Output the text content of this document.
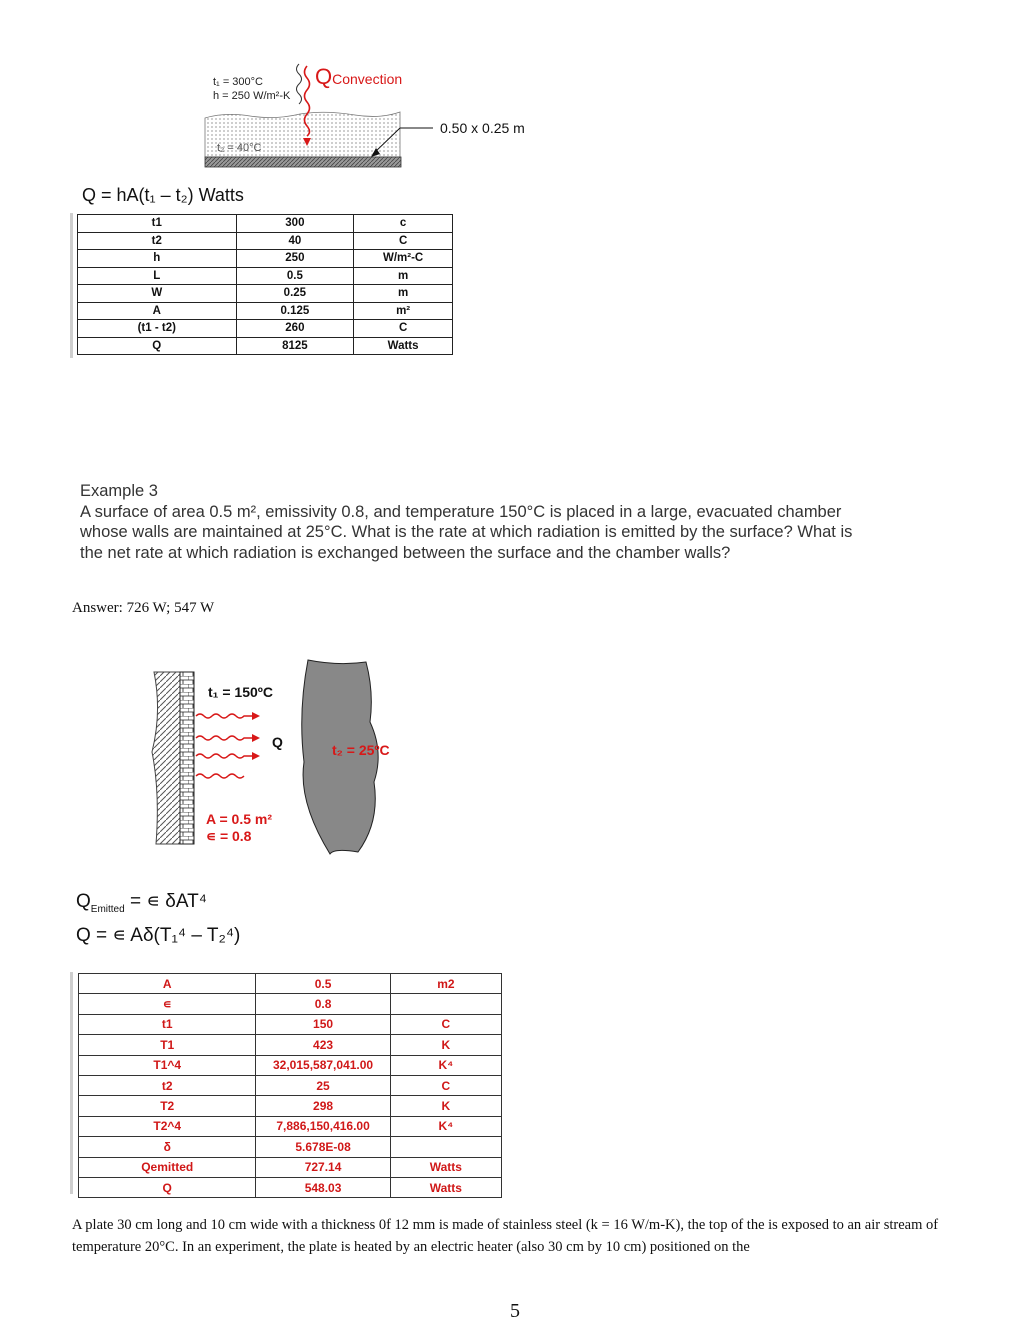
t₁ = 300°C
h = 250 W/m²-K
t₂ = 40°C
QConvection
0.50 x 0.25 m
Q = hA(t₁ – t₂) Watts
t1	300	c
t2	40	C
h	250	W/m²-C
L	0.5	m
W	0.25	m
A	0.125	m²
(t1 - t2)	260	C
Q	8125	Watts

Example 3

A surface of area 0.5 m², emissivity 0.8, and temperature 150°C is placed in a large, evacuated chamber whose walls are maintained at 25°C. What is the rate at which radiation is emitted by the surface? What is the net rate at which radiation is exchanged between the surface and the chamber walls?

Answer: 726 W; 547 W
t₁ = 150ºC
Q	t₂ = 25ºC
A = 0.5 m²
∊ = 0.8
$Q_{Emitted}$ = ∊ δAT⁴
Q = ∊ Aδ(T₁⁴ – T₂⁴)
A	0.5	m2
∊	0.8	
t1	150	C
T1	423	K
T1^4	32,015,587,041.00	K⁴
t2	25	C
T2	298	K
T2^4	7,886,150,416.00	K⁴
δ	5.678E-08	
Qemitted	727.14	Watts
Q	548.03	Watts
A plate 30 cm long and 10 cm wide with a thickness 0f 12 mm is made of stainless steel (k = 16 W/m-K), the top of the is exposed to an air stream of temperature 20°C. In an experiment, the plate is heated by an electric heater (also 30 cm by 10 cm) positioned on the
5
